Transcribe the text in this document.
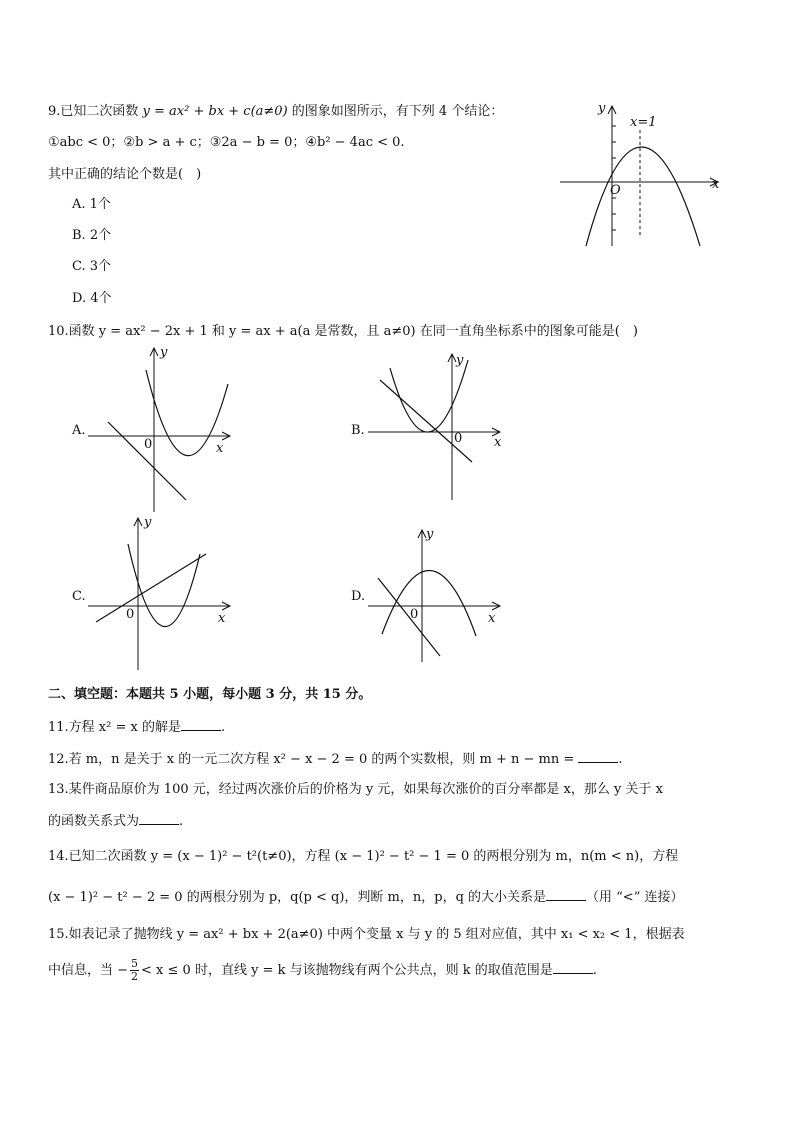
9.已知二次函数 y = ax² + bx + c(a≠0) 的图象如图所示，有下列 4 个结论：
①abc < 0；②b > a + c；③2a − b = 0；④b² − 4ac < 0.
其中正确的结论个数是(　)
A. 1个
B. 2个
C. 3个
D. 4个
y
x
O
x=1
10.函数 y = ax² − 2x + 1 和 y = ax + a(a 是常数，且 a≠0) 在同一直角坐标系中的图象可能是(　)
A.
y
x
0
B.
y
x
0
C.
y
x
0
D.
y
x
0
二、填空题：本题共 5 小题，每小题 3 分，共 15 分。
11.方程 x² = x 的解是	.
12.若 m，n 是关于 x 的一元二次方程 x² − x − 2 = 0 的两个实数根，则 m + n − mn =	.
13.某件商品原价为 100 元，经过两次涨价后的价格为 y 元，如果每次涨价的百分率都是 x，那么 y 关于 x
的函数关系式为	.
14.已知二次函数 y = (x − 1)² − t²(t≠0)，方程 (x − 1)² − t² − 1 = 0 的两根分别为 m，n(m < n)，方程
(x − 1)² − t² − 2 = 0 的两根分别为 p，q(p < q)，判断 m，n，p，q 的大小关系是	（用 “<” 连接）
15.如表记录了抛物线 y = ax² + bx + 2(a≠0) 中两个变量 x 与 y 的 5 组对应值，其中 x₁ < x₂ < 1，根据表
中信息，当 − $\frac{5}{2} < x \le 0$ 时，直线 y = k 与该抛物线有两个公共点，则 k 的取值范围是	.
